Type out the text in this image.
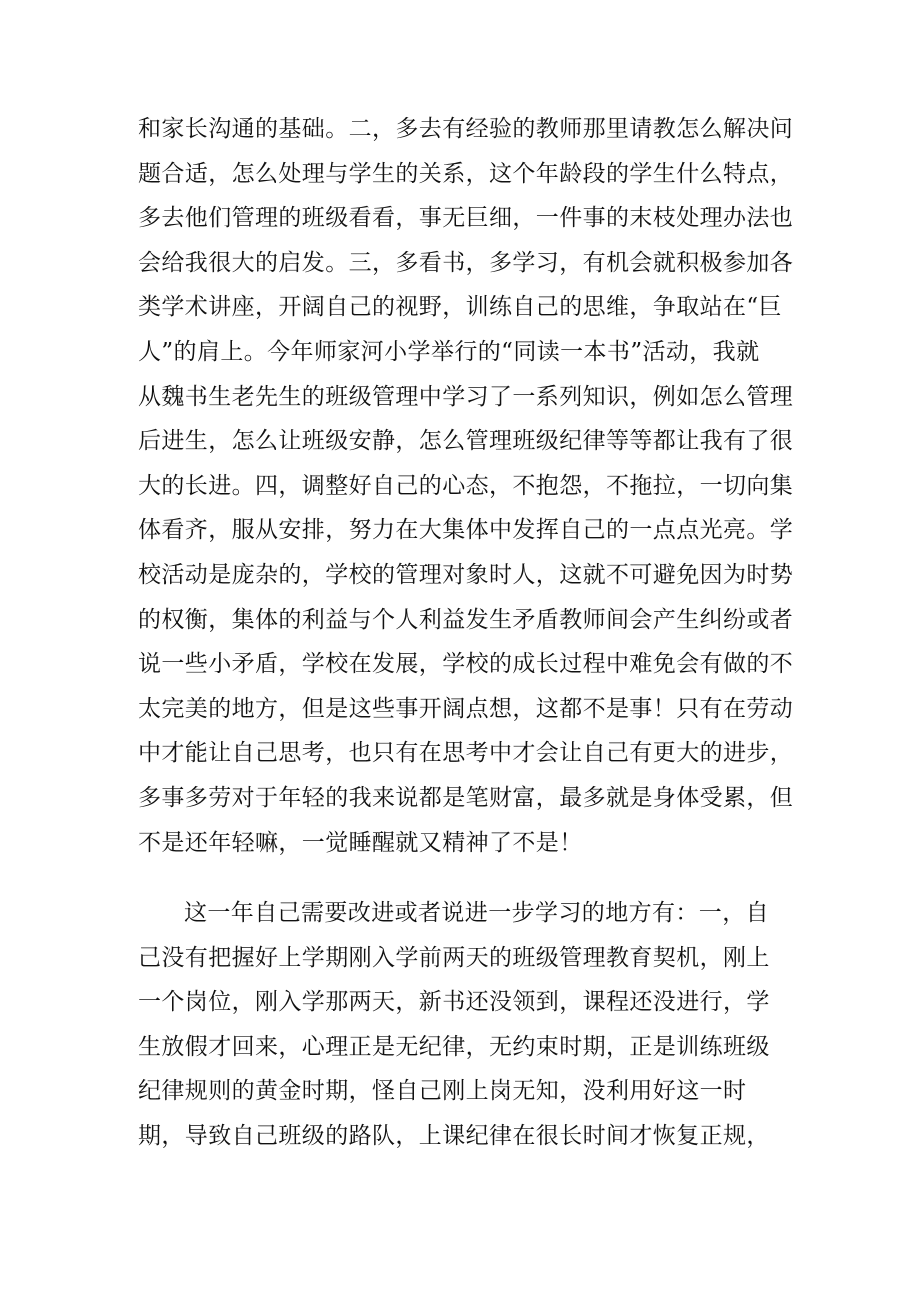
和家长沟通的基础。二，多去有经验的教师那里请教怎么解决问
题合适，怎么处理与学生的关系，这个年龄段的学生什么特点，
多去他们管理的班级看看，事无巨细，一件事的末枝处理办法也
会给我很大的启发。三，多看书，多学习，有机会就积极参加各
类学术讲座，开阔自己的视野，训练自己的思维，争取站在“巨
人”的肩上。今年师家河小学举行的“同读一本书”活动，我就
从魏书生老先生的班级管理中学习了一系列知识，例如怎么管理
后进生，怎么让班级安静，怎么管理班级纪律等等都让我有了很
大的长进。四，调整好自己的心态，不抱怨，不拖拉，一切向集
体看齐，服从安排，努力在大集体中发挥自己的一点点光亮。学
校活动是庞杂的，学校的管理对象时人，这就不可避免因为时势
的权衡，集体的利益与个人利益发生矛盾教师间会产生纠纷或者
说一些小矛盾，学校在发展，学校的成长过程中难免会有做的不
太完美的地方，但是这些事开阔点想，这都不是事！只有在劳动
中才能让自己思考，也只有在思考中才会让自己有更大的进步，
多事多劳对于年轻的我来说都是笔财富，最多就是身体受累，但
不是还年轻嘛，一觉睡醒就又精神了不是！
这一年自己需要改进或者说进一步学习的地方有：一，自
己没有把握好上学期刚入学前两天的班级管理教育契机，刚上
一个岗位，刚入学那两天，新书还没领到，课程还没进行，学
生放假才回来，心理正是无纪律，无约束时期，正是训练班级
纪律规则的黄金时期，怪自己刚上岗无知，没利用好这一时
期，导致自己班级的路队，上课纪律在很长时间才恢复正规，
